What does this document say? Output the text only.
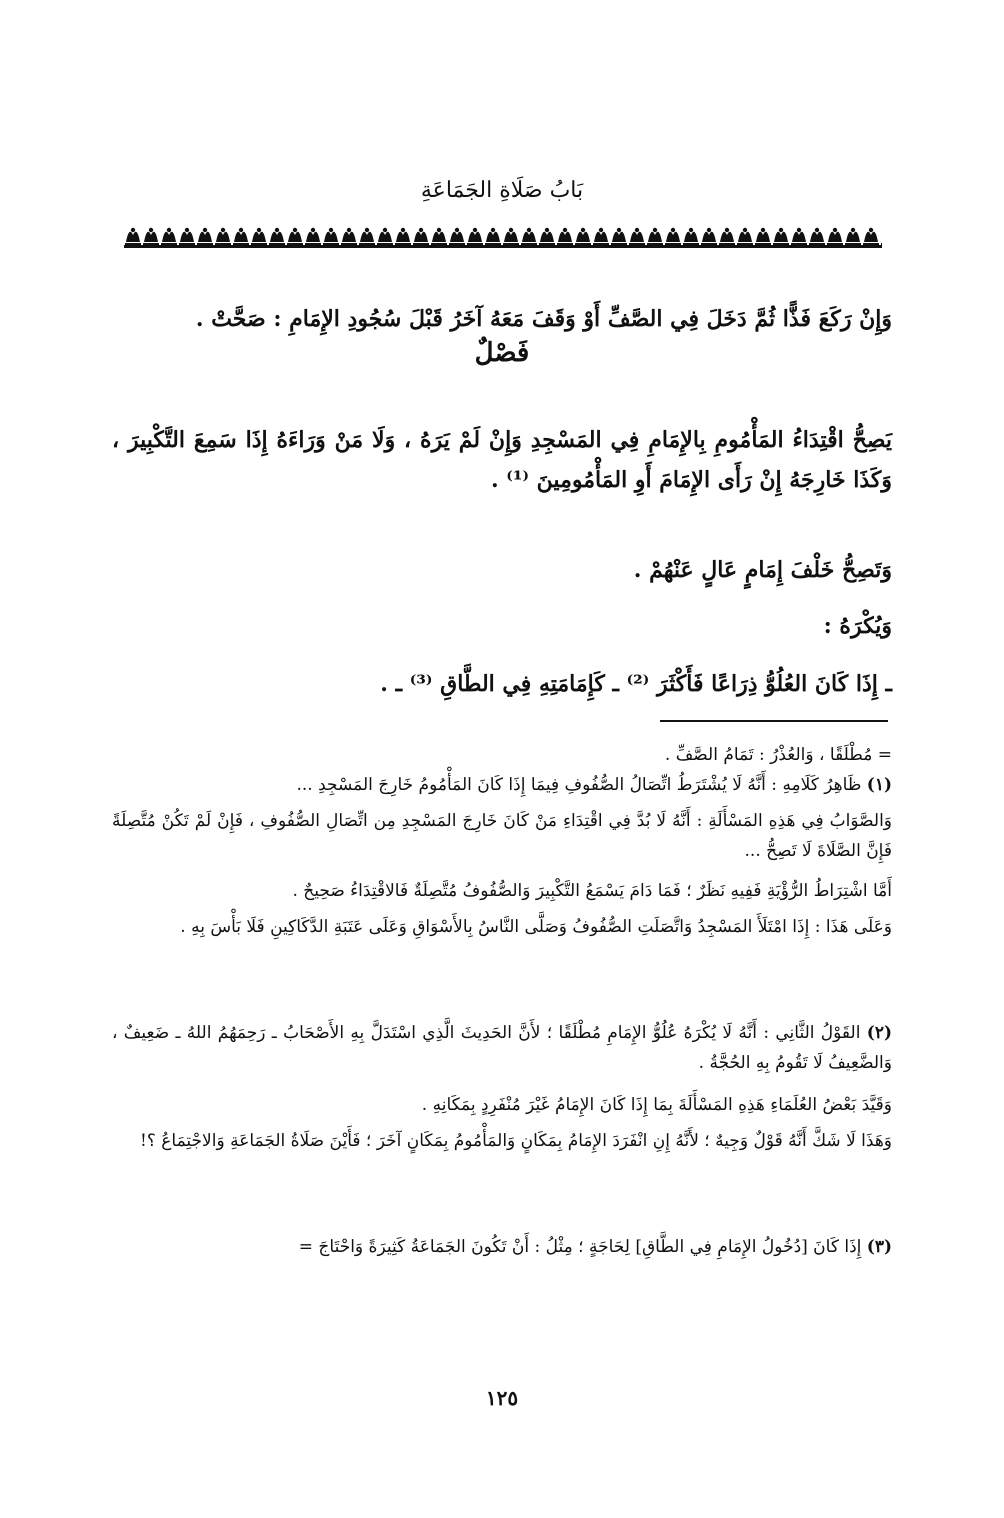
بَابُ صَلَاةِ الجَمَاعَةِ
وَإِنْ رَكَعَ فَذًّا ثُمَّ دَخَلَ فِي الصَّفِّ أَوْ وَقَفَ مَعَهُ آخَرُ قَبْلَ سُجُودِ الإِمَامِ : صَحَّتْ .
فَصْلٌ
يَصِحُّ اقْتِدَاءُ المَأْمُومِ بِالإِمَامِ فِي المَسْجِدِ وَإِنْ لَمْ يَرَهُ ، وَلَا مَنْ وَرَاءَهُ إِذَا سَمِعَ التَّكْبِيرَ ، وَكَذَا خَارِجَهُ إِنْ رَأَى الإِمَامَ أَوِ المَأْمُومِينَ ⁽¹⁾ .
وَتَصِحُّ خَلْفَ إِمَامٍ عَالٍ عَنْهُمْ .
وَيُكْرَهُ :
ـ إِذَا كَانَ العُلُوُّ ذِرَاعًا فَأَكْثَرَ ⁽²⁾ ـ كَإِمَامَتِهِ فِي الطَّاقِ ⁽³⁾ ـ .
= مُطْلَقًا ، وَالعُذْرُ : تَمَامُ الصَّفِّ .
(١) ظَاهِرُ كَلَامِهِ : أَنَّهُ لَا يُشْتَرَطُ اتِّصَالُ الصُّفُوفِ فِيمَا إِذَا كَانَ المَأْمُومُ خَارِجَ المَسْجِدِ ...
وَالصَّوَابُ فِي هَذِهِ المَسْأَلَةِ : أَنَّهُ لَا بُدَّ فِي اقْتِدَاءِ مَنْ كَانَ خَارِجَ المَسْجِدِ مِن اتِّصَالِ الصُّفُوفِ ، فَإِنْ لَمْ تَكُنْ مُتَّصِلَةً فَإِنَّ الصَّلَاةَ لَا تَصِحُّ ...
أَمَّا اشْتِرَاطُ الرُّؤْيَةِ فَفِيهِ نَظَرٌ ؛ فَمَا دَامَ يَسْمَعُ التَّكْبِيرَ وَالصُّفُوفُ مُتَّصِلَةٌ فَالاقْتِدَاءُ صَحِيحٌ .
وَعَلَى هَذَا : إِذَا امْتَلَأَ المَسْجِدُ وَاتَّصَلَتِ الصُّفُوفُ وَصَلَّى النَّاسُ بِالأَسْوَاقِ وَعَلَى عَتَبَةِ الدَّكَاكِينِ فَلَا بَأْسَ بِهِ .
(٢) القَوْلُ الثَّانِي : أَنَّهُ لَا يُكْرَهُ عُلُوُّ الإِمَامِ مُطْلَقًا ؛ لأَنَّ الحَدِيثَ الَّذِي اسْتَدَلَّ بِهِ الأَصْحَابُ ـ رَحِمَهُمُ اللهُ ـ ضَعِيفٌ ، وَالضَّعِيفُ لَا تَقُومُ بِهِ الحُجَّةُ .
وَقَيَّدَ بَعْضُ العُلَمَاءِ هَذِهِ المَسْأَلَةَ بِمَا إِذَا كَانَ الإِمَامُ غَيْرَ مُنْفَرِدٍ بِمَكَانِهِ .
وَهَذَا لَا شَكَّ أَنَّهُ قَوْلٌ وَجِيهٌ ؛ لأَنَّهُ إِنِ انْفَرَدَ الإِمَامُ بِمَكَانٍ وَالمَأْمُومُ بِمَكَانٍ آخَرَ ؛ فَأَيْنَ صَلَاةُ الجَمَاعَةِ وَالاجْتِمَاعُ ؟!
(٣) إِذَا كَانَ [دُخُولُ الإِمَامِ فِي الطَّاقِ] لِحَاجَةٍ ؛ مِثْلُ : أَنْ تَكُونَ الجَمَاعَةُ كَثِيرَةً وَاحْتَاجَ =
١٢٥
